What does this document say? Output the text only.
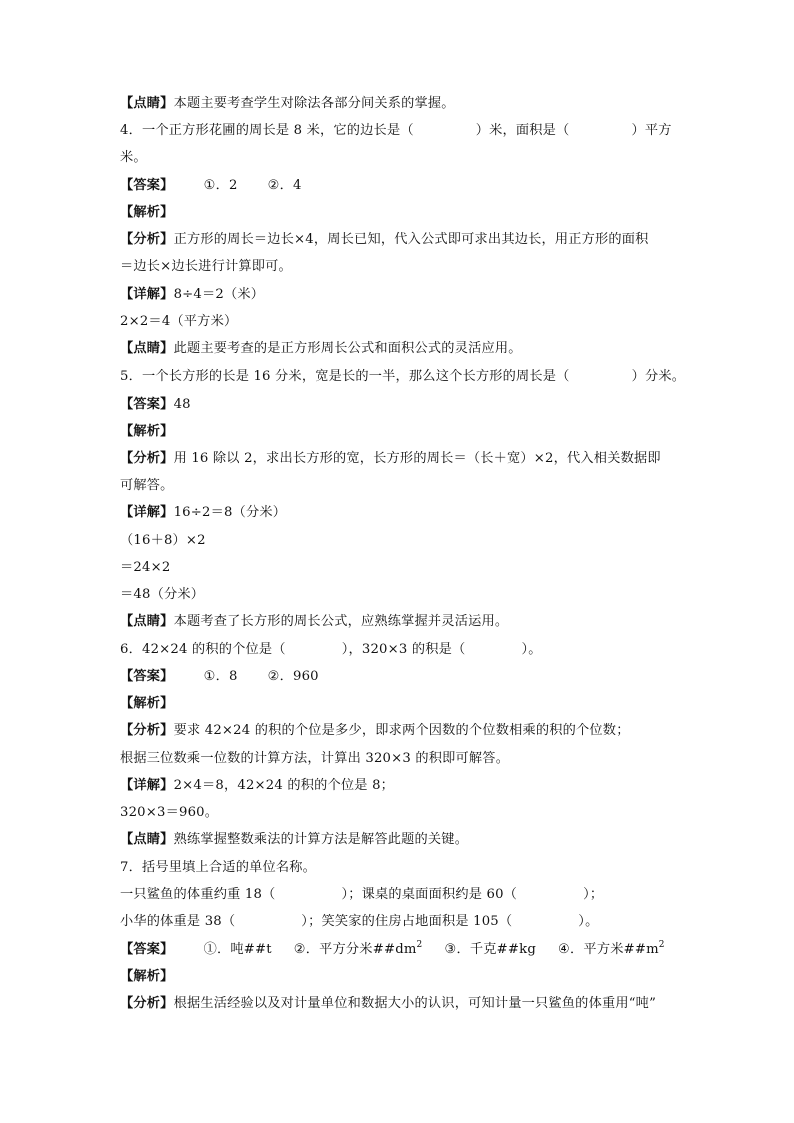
【点睛】本题主要考查学生对除法各部分间关系的掌握。
4．一个正方形花圃的周长是 8 米，它的边长是（	）米，面积是（	）平方
米。
【答案】 ①．2 ②．4
【解析】
【分析】正方形的周长＝边长×4，周长已知，代入公式即可求出其边长，用正方形的面积
＝边长×边长进行计算即可。
【详解】8÷4＝2（米）
2×2＝4（平方米）
【点睛】此题主要考查的是正方形周长公式和面积公式的灵活应用。
5．一个长方形的长是 16 分米，宽是长的一半，那么这个长方形的周长是（	）分米。
【答案】48
【解析】
【分析】用 16 除以 2，求出长方形的宽，长方形的周长＝（长＋宽）×2，代入相关数据即
可解答。
【详解】16÷2＝8（分米）
（16＋8）×2
＝24×2
＝48（分米）
【点睛】本题考查了长方形的周长公式，应熟练掌握并灵活运用。
6．42×24 的积的个位是（	），320×3 的积是（	）。
【答案】 ①．8 ②．960
【解析】
【分析】要求 42×24 的积的个位是多少，即求两个因数的个位数相乘的积的个位数；
根据三位数乘一位数的计算方法，计算出 320×3 的积即可解答。
【详解】2×4＝8，42×24 的积的个位是 8；
320×3＝960。
【点睛】熟练掌握整数乘法的计算方法是解答此题的关键。
7．括号里填上合适的单位名称。
一只鲨鱼的体重约重 18（	）；课桌的桌面面积约是 60（	）；
小华的体重是 38（	）；笑笑家的住房占地面积是 105（	）。
【答案】 ①．吨##t ②．平方分米$\#\#dm^2$ ③．千克##kg ④．平方米$\#\#m^2$
【解析】
【分析】根据生活经验以及对计量单位和数据大小的认识，可知计量一只鲨鱼的体重用“吨”
